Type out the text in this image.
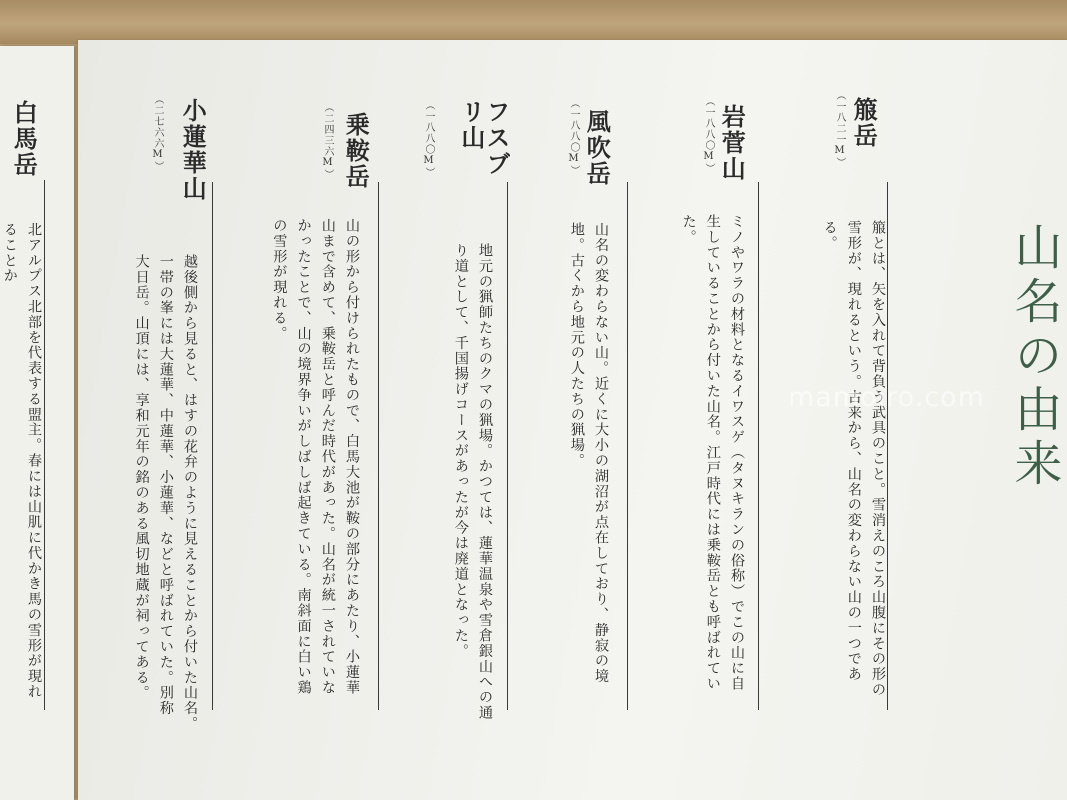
山名の由来
箙岳
（一八二一M）

箙とは、矢を入れて背負う武具のこと。雪消えのころ山腹にその形の雪形が、現れるという。古来から、山名の変わらない山の一つである。

岩菅山
（一八八〇M）

ミノやワラの材料となるイワスゲ（タヌキランの俗称）でこの山に自生していることから付いた山名。江戸時代には乗鞍岳とも呼ばれていた。

風吹岳
（一八八〇M）

山名の変わらない山。近くに大小の湖沼が点在しており、静寂の境地。古くから地元の人たちの猟場。

フスブリ山
（一八八〇M）

地元の猟師たちのクマの猟場。かつては、蓮華温泉や雪倉銀山への通り道として、千国揚げコースがあったが今は廃道となった。

乗鞍岳
（二四三六M）

山の形から付けられたもので、白馬大池が鞍の部分にあたり、小蓮華山まで含めて、乗鞍岳と呼んだ時代があった。山名が統一されていなかったことで、山の境界争いがしばしば起きている。南斜面に白い鶏の雪形が現れる。

小蓮華山
（二七六六M）

越後側から見ると、はすの花弁のように見えることから付いた山名。一帯の峯には大蓮華、中蓮華、小蓮華、などと呼ばれていた。別称 大日岳。山頂には、享和元年の銘のある風切地蔵が祠ってある。

白馬岳

北アルプス北部を代表する盟主。春には山肌に代かき馬の雪形が現れることか

mamoiro.com
